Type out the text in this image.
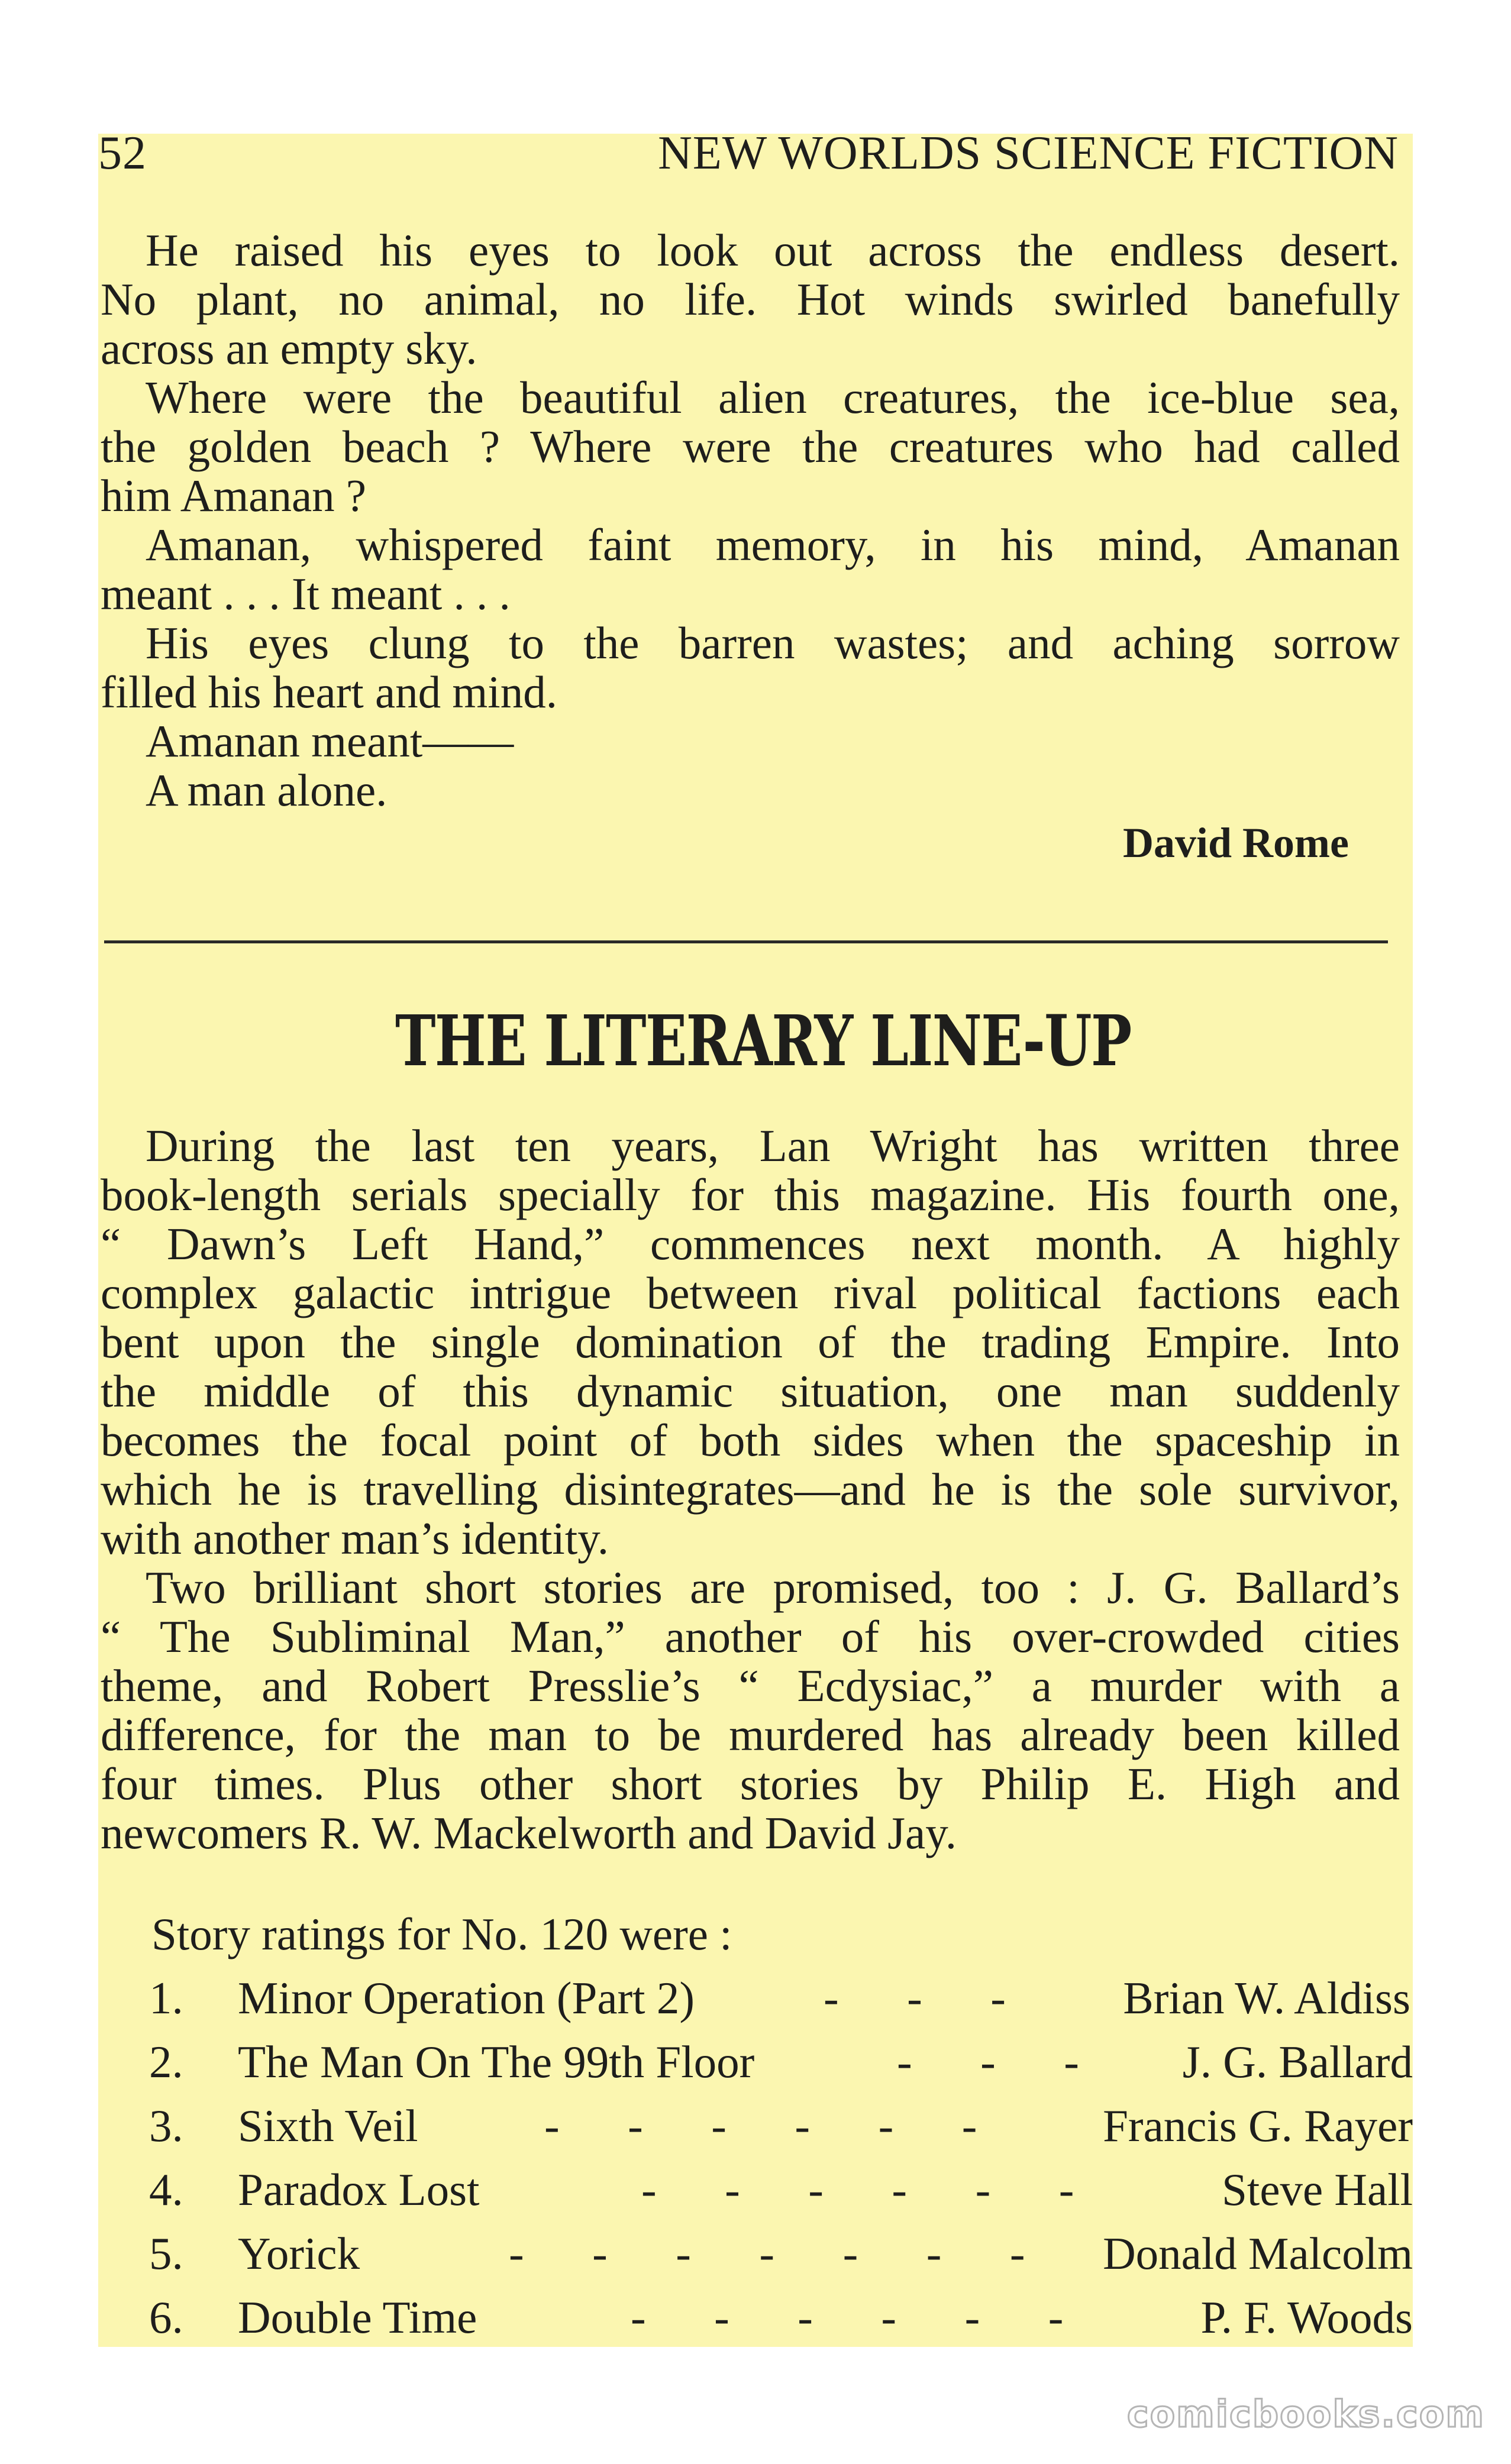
52	NEW WORLDS SCIENCE FICTION
He raised his eyes to look out across the endless desert.
No plant, no animal, no life. Hot winds swirled banefully
across an empty sky.
Where were the beautiful alien creatures, the ice-blue sea,
the golden beach ? Where were the creatures who had called
him Amanan ?
Amanan, whispered faint memory, in his mind, Amanan
meant . . . It meant . . .
His eyes clung to the barren wastes; and aching sorrow
filled his heart and mind.
Amanan meant——
A man alone.
David Rome
THE LITERARY LINE-UP
During the last ten years, Lan Wright has written three
book-length serials specially for this magazine. His fourth one,
“ Dawn’s Left Hand,” commences next month. A highly
complex galactic intrigue between rival political factions each
bent upon the single domination of the trading Empire. Into
the middle of this dynamic situation, one man suddenly
becomes the focal point of both sides when the spaceship in
which he is travelling disintegrates—and he is the sole survivor,
with another man’s identity.
Two brilliant short stories are promised, too : J. G. Ballard’s
“ The Subliminal Man,” another of his over-crowded cities
theme, and Robert Presslie’s “ Ecdysiac,” a murder with a
difference, for the man to be murdered has already been killed
four times. Plus other short stories by Philip E. High and
newcomers R. W. Mackelworth and David Jay.
Story ratings for No. 120 were :
1. Minor Operation (Part 2)	-      -      -	Brian W. Aldiss
2. The Man On The 99th Floor	-      -      - J. G. Ballard
3. Sixth Veil	-      -      -      -      -      -	Francis G. Rayer
4. Paradox Lost	-      -      -      -      -      -	Steve Hall
5. Yorick	-      -      -      -      -      -      - Donald Malcolm
6. Double Time	-      -      -      -      -      -	P. F. Woods
comicbooks.com
